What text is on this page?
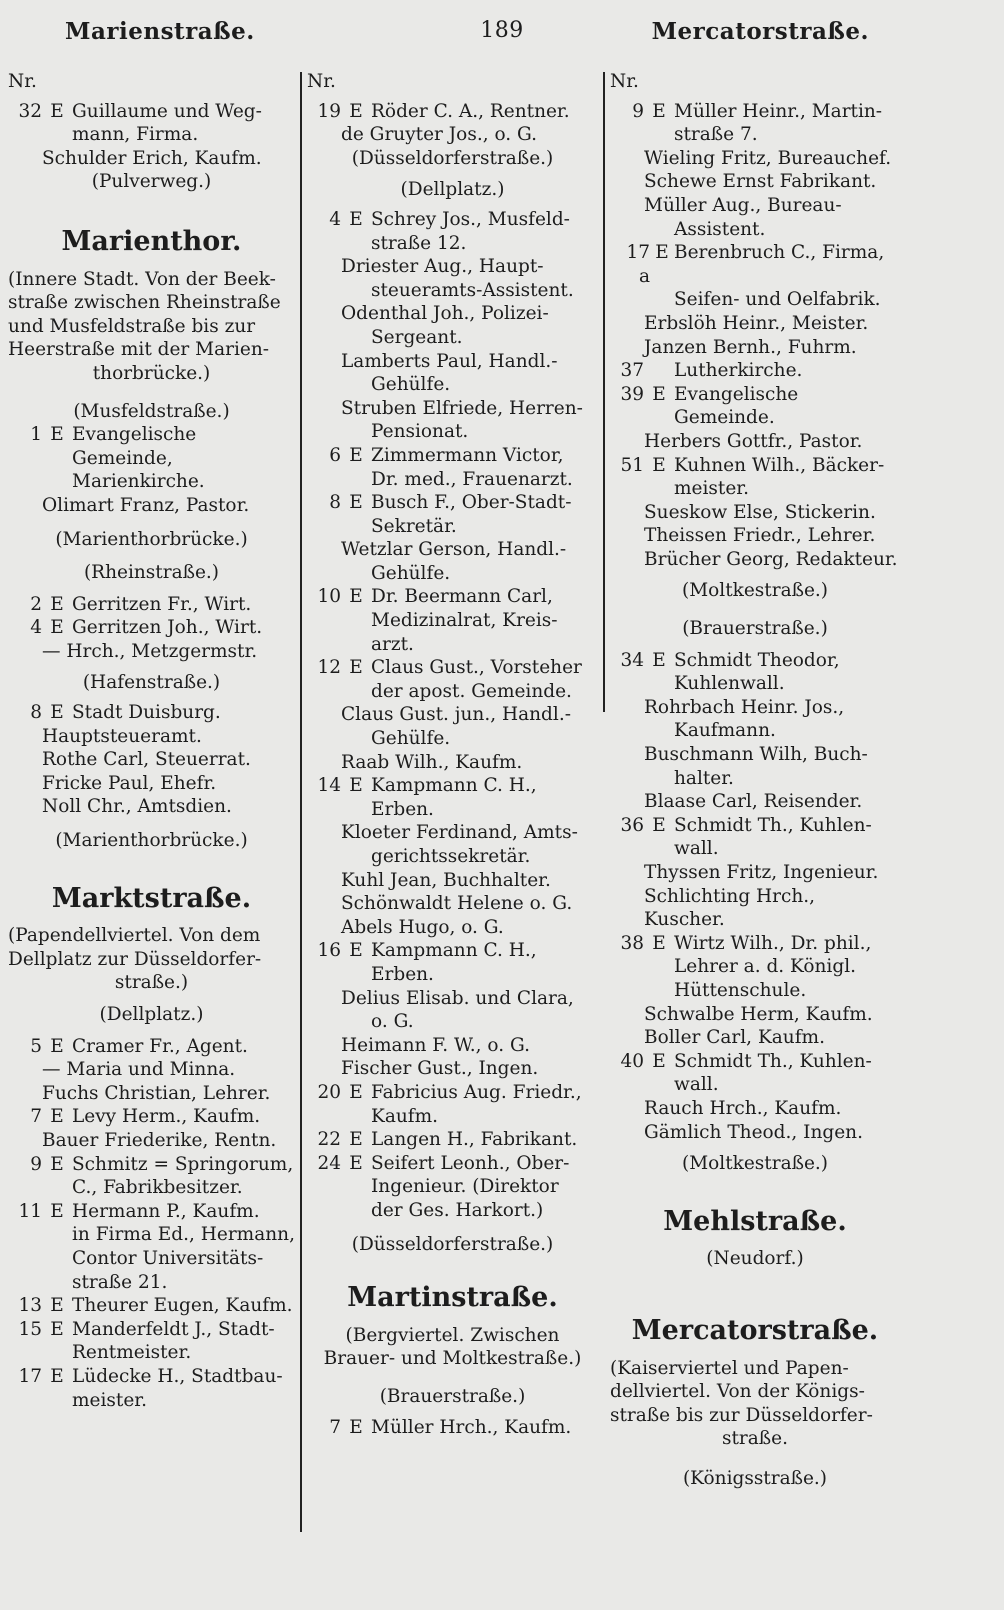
Marienstraße.	189	Mercatorstraße.
Nr.
32 E Guillaume und Weg-
mann, Firma.
Schulder Erich, Kaufm.
(Pulverweg.)
Marienthor.
(Innere Stadt. Von der Beek-
straße zwischen Rheinstraße
und Musfeldstraße bis zur
Heerstraße mit der Marien-
thorbrücke.)
(Musfeldstraße.)
1 E Evangelische Gemeinde,
Marienkirche.
Olimart Franz, Pastor.
(Marienthorbrücke.)
(Rheinstraße.)
2 E Gerritzen Fr., Wirt.
4 E Gerritzen Joh., Wirt.
— Hrch., Metzgermstr.
(Hafenstraße.)
8 E Stadt Duisburg.
Hauptsteueramt.
Rothe Carl, Steuerrat.
Fricke Paul, Ehefr.
Noll Chr., Amtsdien.
(Marienthorbrücke.)
Marktstraße.
(Papendellviertel. Von dem
Dellplatz zur Düsseldorfer-
straße.)
(Dellplatz.)
5 E Cramer Fr., Agent.
— Maria und Minna.
Fuchs Christian, Lehrer.
7 E Levy Herm., Kaufm.
Bauer Friederike, Rentn.
9 E Schmitz = Springorum,
C., Fabrikbesitzer.
11 E Hermann P., Kaufm.
in Firma Ed., Hermann,
Contor Universitäts-
straße 21.
13 E Theurer Eugen, Kaufm.
15 E Manderfeldt J., Stadt-
Rentmeister.
17 E Lüdecke H., Stadtbau-
meister.
Nr.
19 E Röder C. A., Rentner.
de Gruyter Jos., o. G.
(Düsseldorferstraße.)
(Dellplatz.)
4 E Schrey Jos., Musfeld-
straße 12.
Driester Aug., Haupt-
steueramts-Assistent.
Odenthal Joh., Polizei-
Sergeant.
Lamberts Paul, Handl.-
Gehülfe.
Struben Elfriede, Herren-
Pensionat.
6 E Zimmermann Victor,
Dr. med., Frauenarzt.
8 E Busch F., Ober-Stadt-
Sekretär.
Wetzlar Gerson, Handl.-
Gehülfe.
10 E Dr. Beermann Carl,
Medizinalrat, Kreis-
arzt.
12 E Claus Gust., Vorsteher
der apost. Gemeinde.
Claus Gust. jun., Handl.-
Gehülfe.
Raab Wilh., Kaufm.
14 E Kampmann C. H.,
Erben.
Kloeter Ferdinand, Amts-
gerichtssekretär.
Kuhl Jean, Buchhalter.
Schönwaldt Helene o. G.
Abels Hugo, o. G.
16 E Kampmann C. H.,
Erben.
Delius Elisab. und Clara,
o. G.
Heimann F. W., o. G.
Fischer Gust., Ingen.
20 E Fabricius Aug. Friedr.,
Kaufm.
22 E Langen H., Fabrikant.
24 E Seifert Leonh., Ober-
Ingenieur. (Direktor
der Ges. Harkort.)
(Düsseldorferstraße.)
Martinstraße.
(Bergviertel. Zwischen
Brauer- und Moltkestraße.)
(Brauerstraße.)
7 E Müller Hrch., Kaufm.
Nr.
9 E Müller Heinr., Martin-
straße 7.
Wieling Fritz, Bureauchef.
Schewe Ernst Fabrikant.
Müller Aug., Bureau-
Assistent.
17 a
E Berenbruch C., Firma,
Seifen- und Oelfabrik.
Erbslöh Heinr., Meister.
Janzen Bernh., Fuhrm.
37 Lutherkirche.
39 E Evangelische Gemeinde.
Herbers Gottfr., Pastor.
51 E Kuhnen Wilh., Bäcker-
meister.
Sueskow Else, Stickerin.
Theissen Friedr., Lehrer.
Brücher Georg, Redakteur.
(Moltkestraße.)
(Brauerstraße.)
34 E Schmidt Theodor,
Kuhlenwall.
Rohrbach Heinr. Jos.,
Kaufmann.
Buschmann Wilh, Buch-
halter.
Blaase Carl, Reisender.
36 E Schmidt Th., Kuhlen-
wall.
Thyssen Fritz, Ingenieur.
Schlichting Hrch., Kuscher.
38 E Wirtz Wilh., Dr. phil.,
Lehrer a. d. Königl.
Hüttenschule.
Schwalbe Herm, Kaufm.
Boller Carl, Kaufm.
40 E Schmidt Th., Kuhlen-
wall.
Rauch Hrch., Kaufm.
Gämlich Theod., Ingen.
(Moltkestraße.)
Mehlstraße.
(Neudorf.)
Mercatorstraße.
(Kaiserviertel und Papen-
dellviertel. Von der Königs-
straße bis zur Düsseldorfer-
straße.
(Königsstraße.)
